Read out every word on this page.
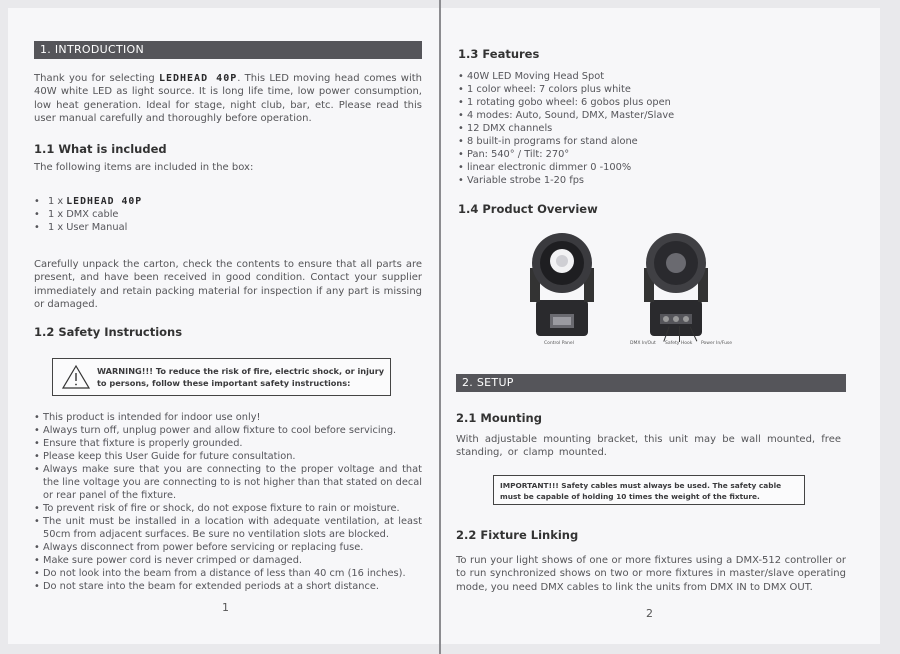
1. INTRODUCTION
Thank you for selecting LEDHEAD 40P. This LED moving head comes with 40W white LED as light source. It is long life time, low power consumption, low heat generation. Ideal for stage, night club, bar, etc. Please read this user manual carefully and thoroughly before operation.
1.1 What is included
The following items are included in the box:
• 1 x LEDHEAD 40P
• 1 x DMX cable
• 1 x User Manual
Carefully unpack the carton, check the contents to ensure that all parts are present, and have been received in good condition. Contact your supplier immediately and retain packing material for inspection if any part is missing or damaged.
1.2 Safety Instructions
WARNING!!! To reduce the risk of fire, electric shock, or injury to persons, follow these important safety instructions:
• This product is intended for indoor use only!
• Always turn off, unplug power and allow fixture to cool before servicing.
• Ensure that fixture is properly grounded.
• Please keep this User Guide for future consultation.
• Always make sure that you are connecting to the proper voltage and that the line voltage you are connecting to is not higher than that stated on decal or rear panel of the fixture.
• To prevent risk of fire or shock, do not expose fixture to rain or moisture.
• The unit must be installed in a location with adequate ventilation, at least 50cm from adjacent surfaces. Be sure no ventilation slots are blocked.
• Always disconnect from power before servicing or replacing fuse.
• Make sure power cord is never crimped or damaged.
• Do not look into the beam from a distance of less than 40 cm (16 inches).
• Do not stare into the beam for extended periods at a short distance.
1
1.3 Features
• 40W LED Moving Head Spot
• 1 color wheel: 7 colors plus white
• 1 rotating gobo wheel: 6 gobos plus open
• 4 modes: Auto, Sound, DMX, Master/Slave
• 12 DMX channels
• 8 built-in programs for stand alone
• Pan: 540° / Tilt: 270°
• linear electronic dimmer 0 -100%
• Variable strobe 1-20 fps
1.4 Product Overview
Control Panel	DMX In/Out Safety Hook Power In/Fuse
2. SETUP
2.1 Mounting
With adjustable mounting bracket, this unit may be wall mounted, free standing, or clamp mounted.
IMPORTANT!!! Safety cables must always be used. The safety cable must be capable of holding 10 times the weight of the fixture.
2.2 Fixture Linking
To run your light shows of one or more fixtures using a DMX-512 controller or to run synchronized shows on two or more fixtures in master/slave operating mode, you need DMX cables to link the units from DMX IN to DMX OUT.
2
